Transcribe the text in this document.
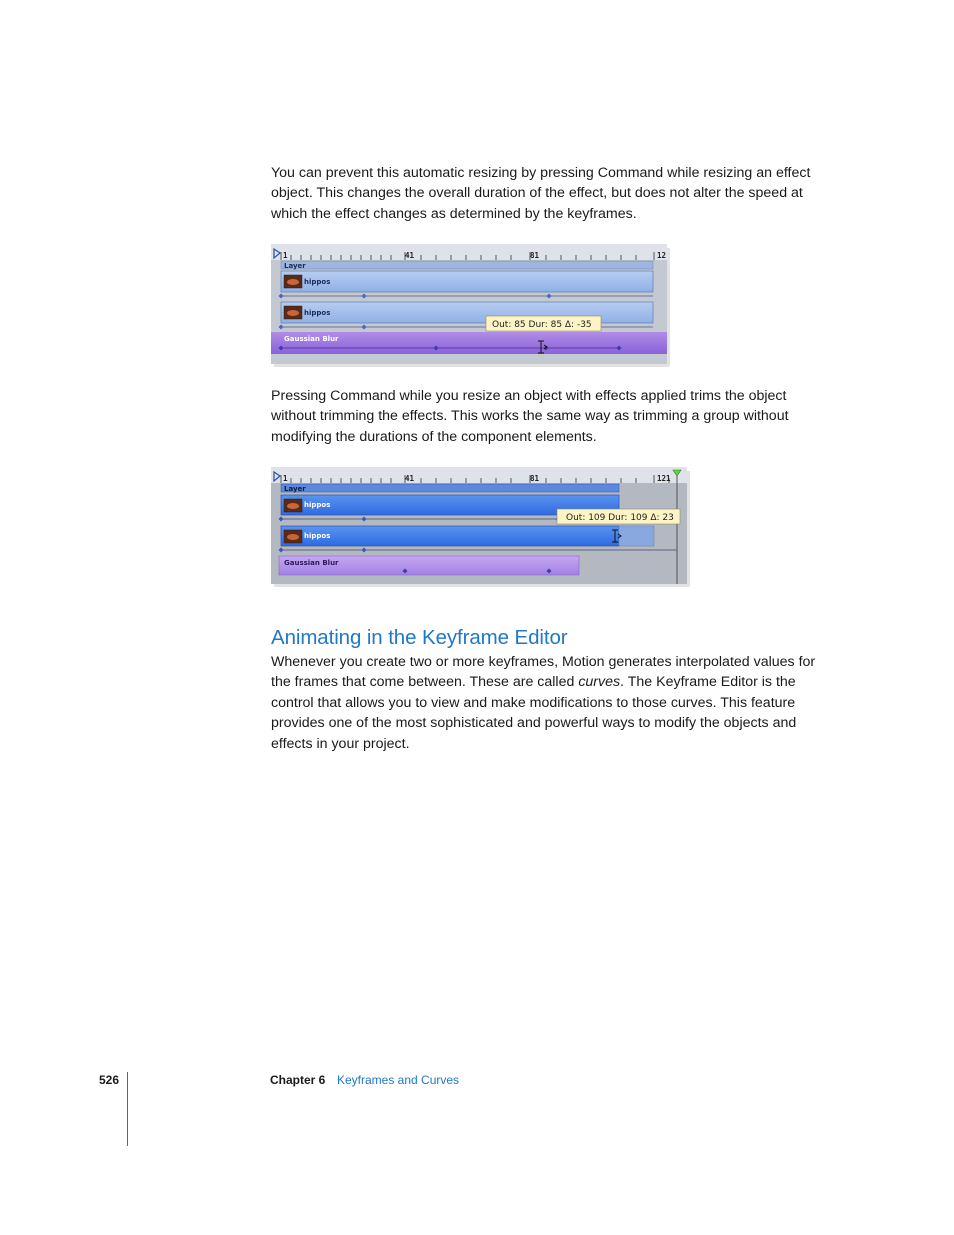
You can prevent this automatic resizing by pressing Command while resizing an effect object. This changes the overall duration of the effect, but does not alter the speed at which the effect changes as determined by the keyframes.

1	41	81	12
Layer
hippos
hippos
Gaussian Blur
Out: 85 Dur: 85 Δ: -35

Pressing Command while you resize an object with effects applied trims the object without trimming the effects. This works the same way as trimming a group without modifying the durations of the component elements.

1	41	81	121
Layer
hippos
hippos
Gaussian Blur
Out: 109 Dur: 109 Δ: 23
Animating in the Keyframe Editor

Whenever you create two or more keyframes, Motion generates interpolated values for the frames that come between. These are called curves. The Keyframe Editor is the control that allows you to view and make modifications to those curves. This feature provides one of the most sophisticated and powerful ways to modify the objects and effects in your project.

526	Chapter 6 Keyframes and Curves
